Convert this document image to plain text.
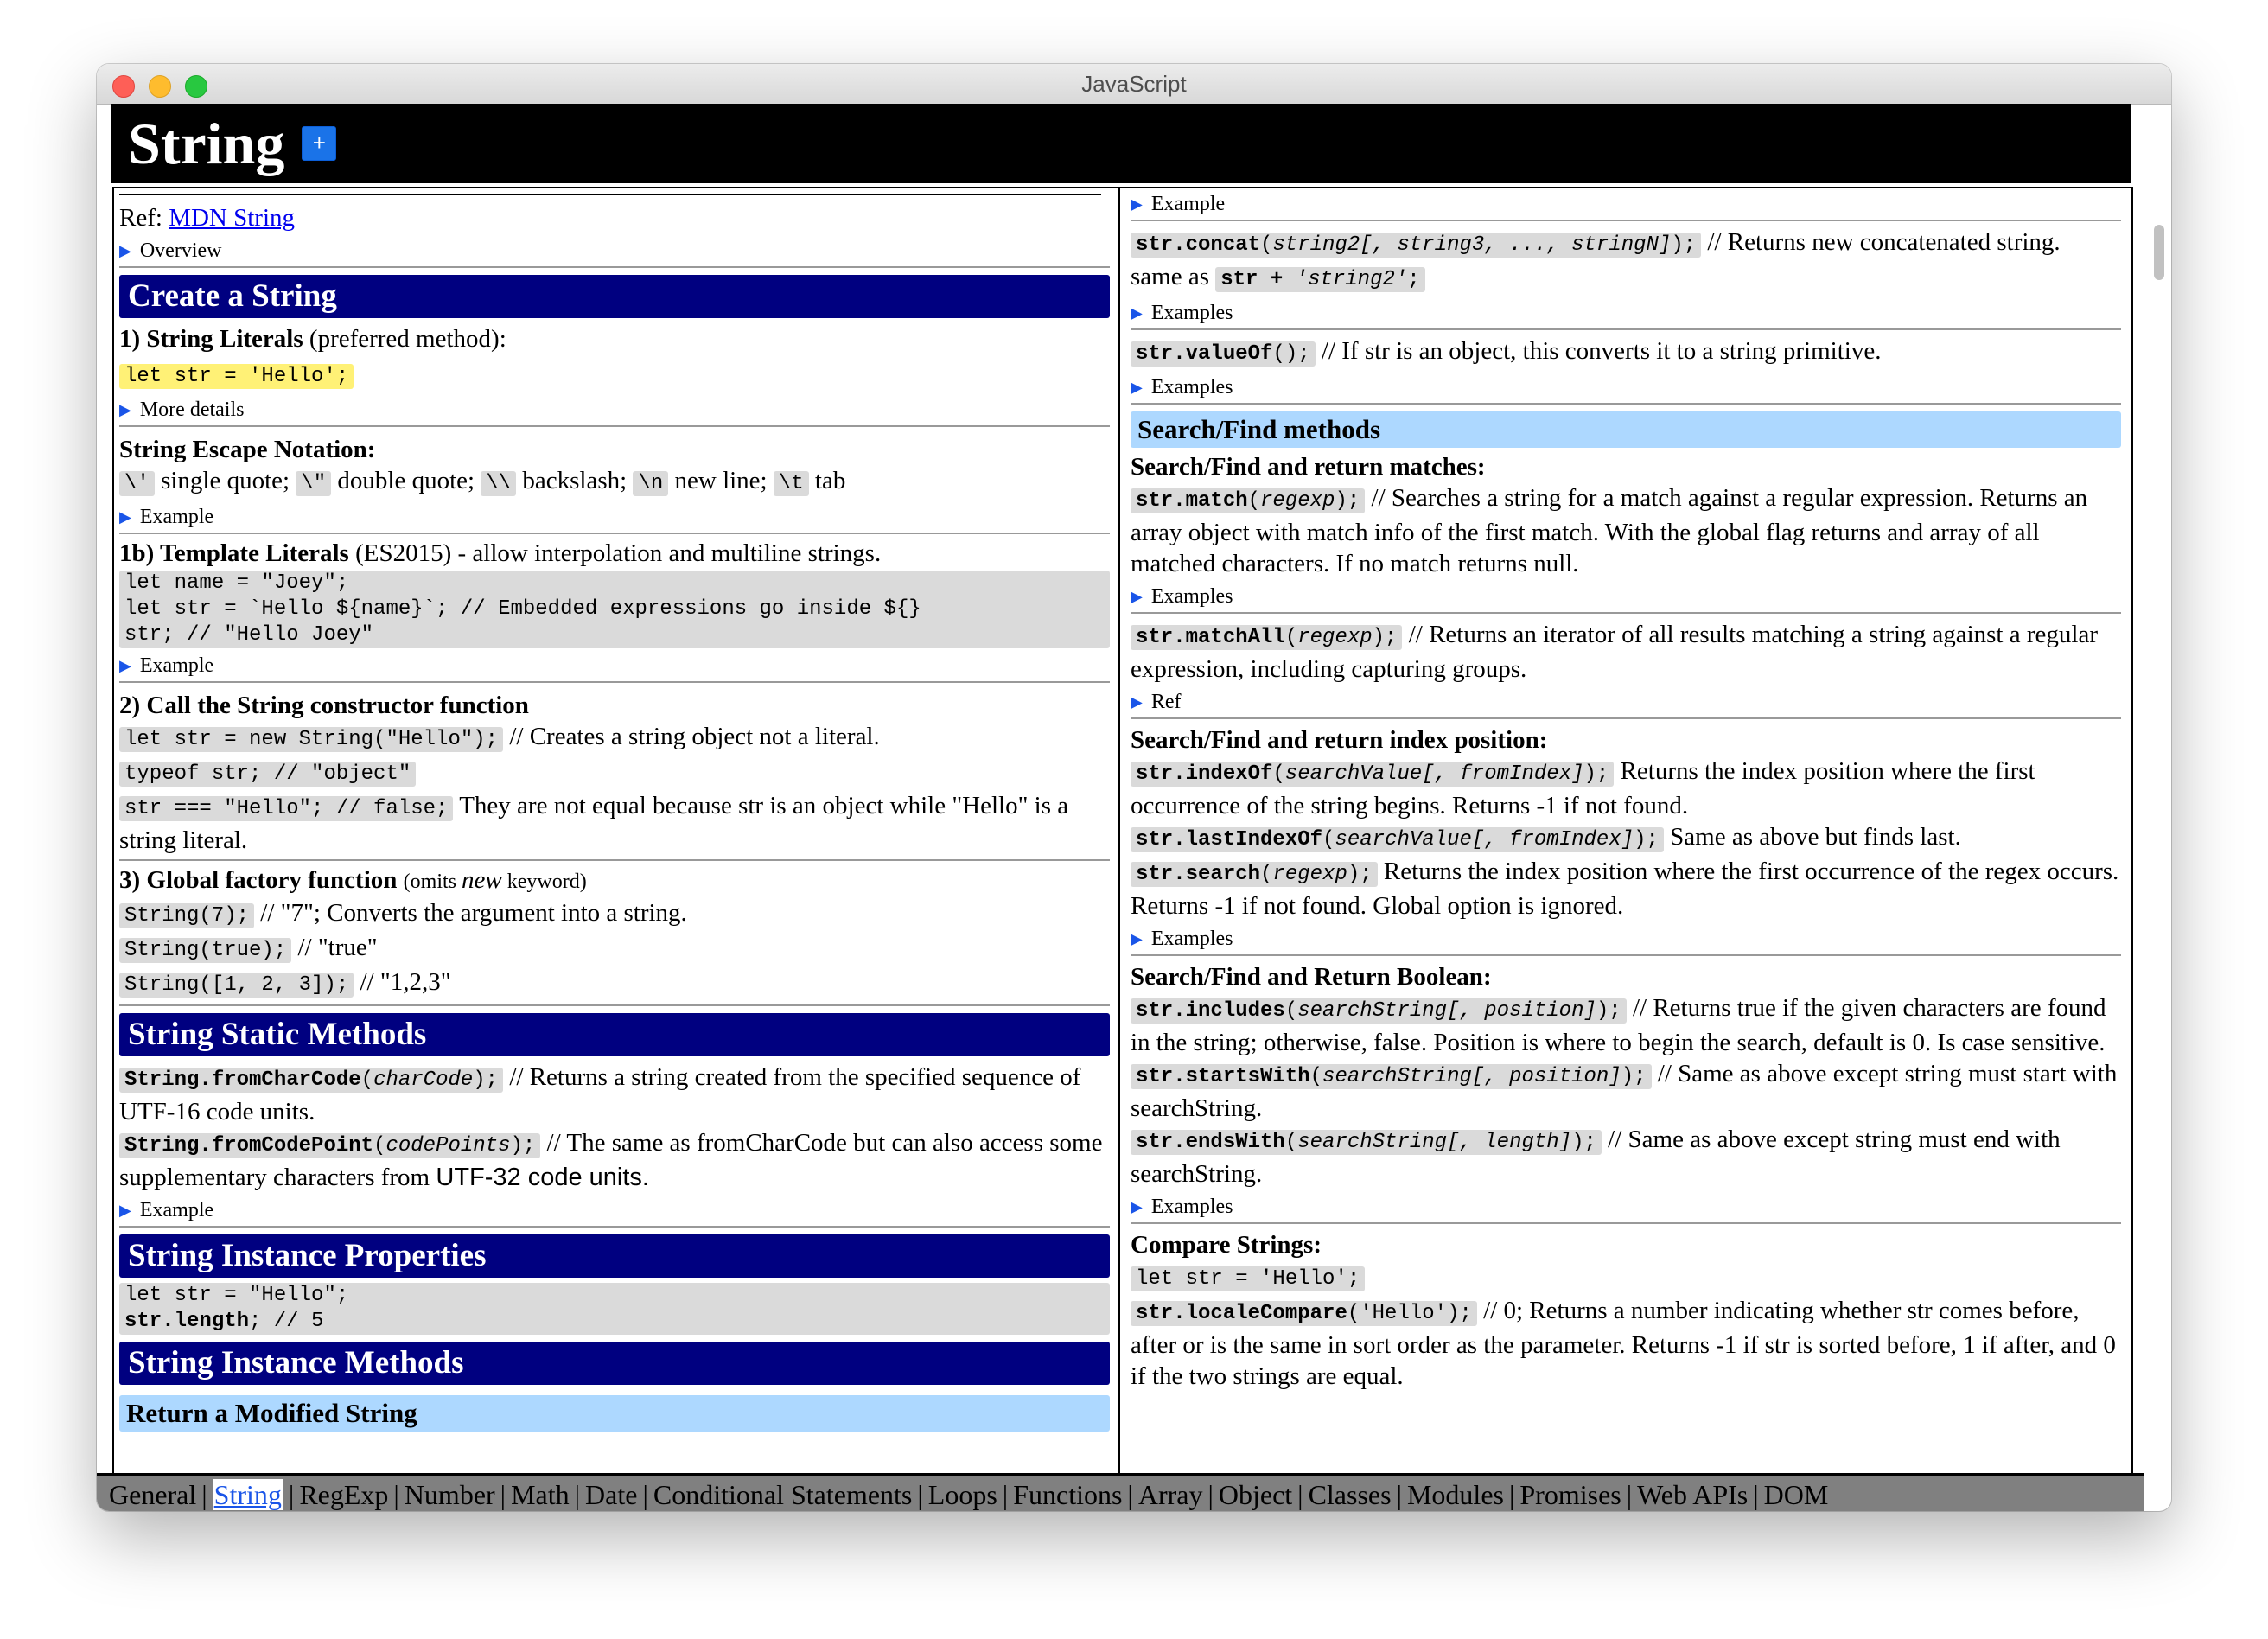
JavaScript
String	+

Ref: MDN String

▶ Overview
Create a String

1) String Literals (preferred method):

let str = 'Hello';

▶ More details

String Escape Notation:

\' single quote; \" double quote; \\ backslash; \n new line; \t tab

▶ Example

1b) Template Literals (ES2015) - allow interpolation and multiline strings.

let name = "Joey";
let str = `Hello ${name}`; // Embedded expressions go inside ${}
str; // "Hello Joey"
▶ Example

2) Call the String constructor function

let str = new String("Hello"); // Creates a string object not a literal.

typeof str; // "object"

str === "Hello"; // false; They are not equal because str is an object while "Hello" is a string literal.

3) Global factory function (omits new keyword)

String(7); // "7"; Converts the argument into a string.

String(true); // "true"

String([1, 2, 3]); // "1,2,3"

String Static Methods

String.fromCharCode(charCode); // Returns a string created from the specified sequence of UTF-16 code units.

String.fromCodePoint(codePoints); // The same as fromCharCode but can also access some supplementary characters from UTF-32 code units.

▶ Example
String Instance Properties
let str = "Hello";
str.length; // 5
String Instance Methods
Return a Modified String
▶ Example

str.concat(string2[, string3, ..., stringN]); // Returns new concatenated string.

same as str + 'string2';

▶ Examples

str.valueOf(); // If str is an object, this converts it to a string primitive.

▶ Examples
Search/Find methods

Search/Find and return matches:

str.match(regexp); // Searches a string for a match against a regular expression. Returns an array object with match info of the first match. With the global flag returns and array of all matched characters. If no match returns null.

▶ Examples

str.matchAll(regexp); // Returns an iterator of all results matching a string against a regular expression, including capturing groups.

▶ Ref

Search/Find and return index position:

str.indexOf(searchValue[, fromIndex]); Returns the index position where the first occurrence of the string begins. Returns -1 if not found.

str.lastIndexOf(searchValue[, fromIndex]); Same as above but finds last.

str.search(regexp); Returns the index position where the first occurrence of the regex occurs. Returns -1 if not found. Global option is ignored.

▶ Examples

Search/Find and Return Boolean:

str.includes(searchString[, position]); // Returns true if the given characters are found in the string; otherwise, false. Position is where to begin the search, default is 0. Is case sensitive.

str.startsWith(searchString[, position]); // Same as above except string must start with searchString.

str.endsWith(searchString[, length]); // Same as above except string must end with searchString.

▶ Examples

Compare Strings:

let str = 'Hello';

str.localeCompare('Hello'); // 0; Returns a number indicating whether str comes before, after or is the same in sort order as the parameter. Returns -1 if str is sorted before, 1 if after, and 0 if the two strings are equal.

General | String | RegExp | Number | Math | Date | Conditional Statements | Loops | Functions | Array | Object | Classes | Modules | Promises | Web APIs | DOM
